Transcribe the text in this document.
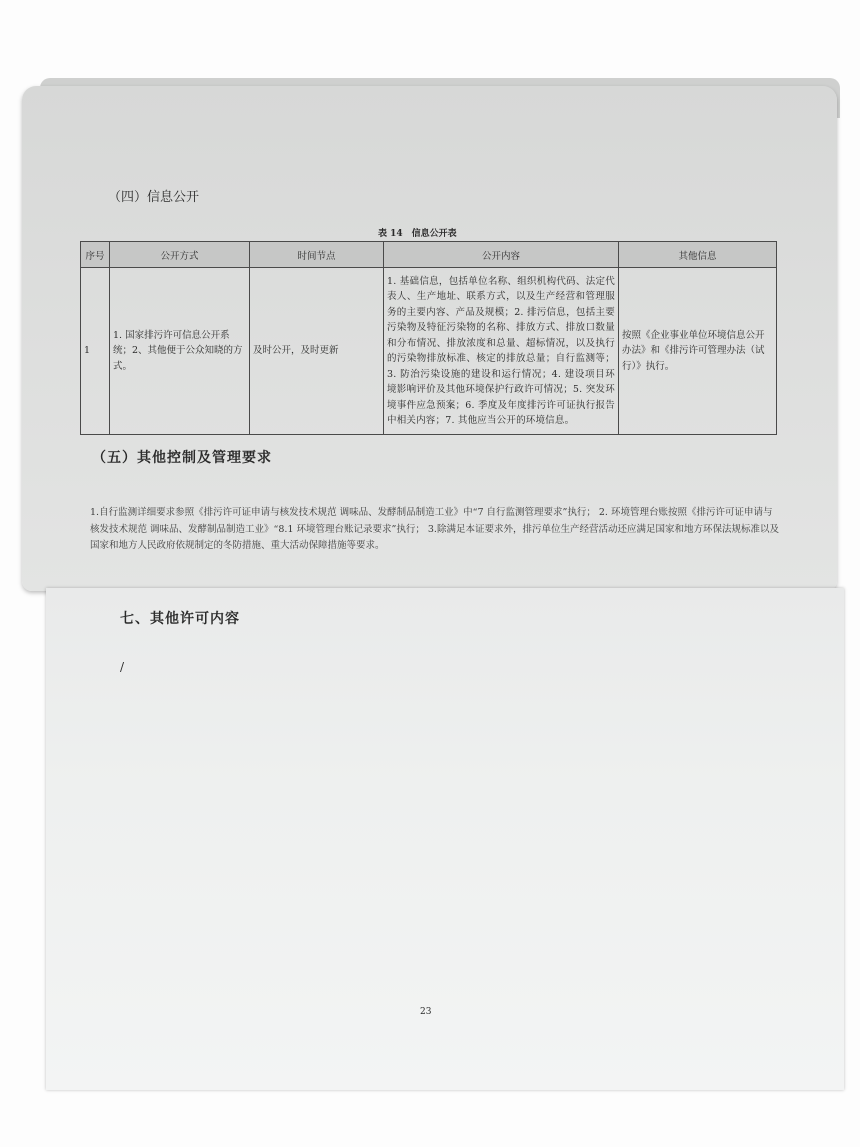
（四）信息公开
表 14　信息公开表
序号	公开方式	时间节点	公开内容	其他信息
1	1. 国家排污许可信息公开系统；2、其他便于公众知晓的方式。	及时公开，及时更新	1. 基础信息，包括单位名称、组织机构代码、法定代表人、生产地址、联系方式，以及生产经营和管理服务的主要内容、产品及规模；2. 排污信息，包括主要污染物及特征污染物的名称、排放方式、排放口数量和分布情况、排放浓度和总量、超标情况，以及执行的污染物排放标准、核定的排放总量；自行监测等；3. 防治污染设施的建设和运行情况；4. 建设项目环境影响评价及其他环境保护行政许可情况；5. 突发环境事件应急预案；6. 季度及年度排污许可证执行报告中相关内容；7. 其他应当公开的环境信息。	按照《企业事业单位环境信息公开办法》和《排污许可管理办法（试行）》执行。
（五）其他控制及管理要求
1.自行监测详细要求参照《排污许可证申请与核发技术规范 调味品、发酵制品制造工业》中“7 自行监测管理要求”执行； 2. 环境管理台账按照《排污许可证申请与核发技术规范 调味品、发酵制品制造工业》“8.1 环境管理台账记录要求”执行； 3.除满足本证要求外，排污单位生产经营活动还应满足国家和地方环保法规标准以及国家和地方人民政府依规制定的冬防措施、重大活动保障措施等要求。
七、其他许可内容
/
23
